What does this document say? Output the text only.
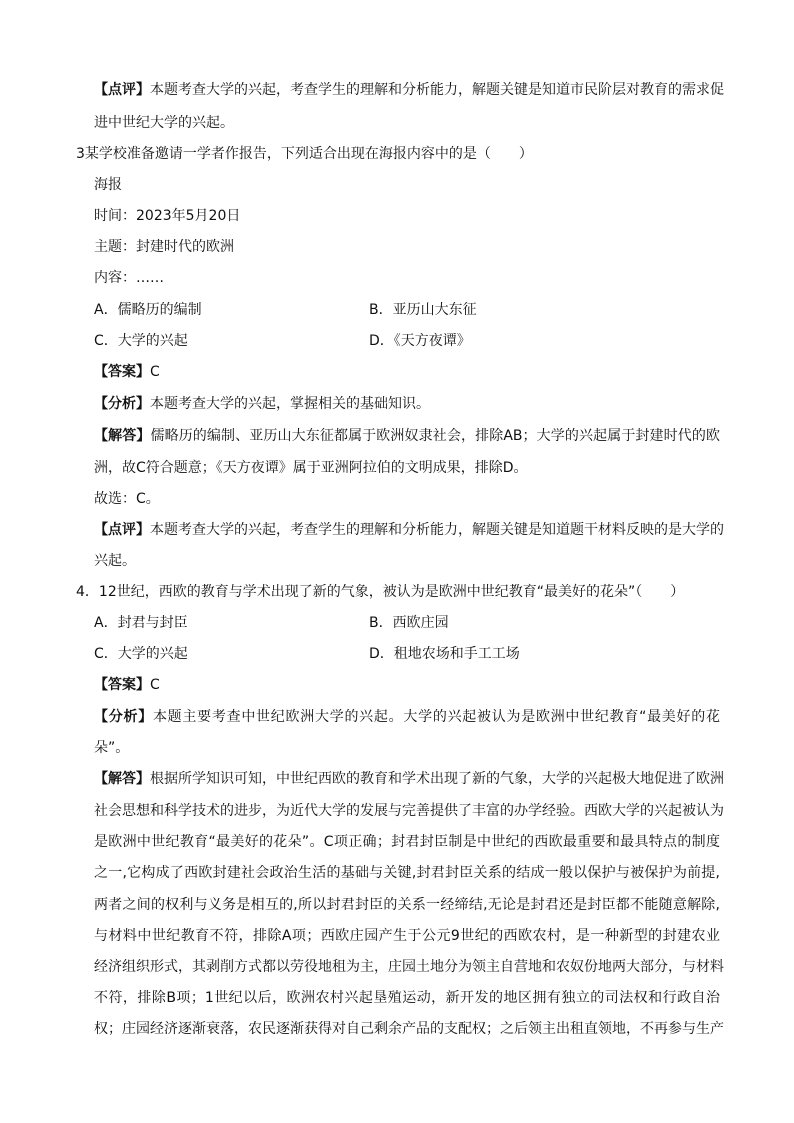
【点评】本题考查大学的兴起，考查学生的理解和分析能力，解题关键是知道市民阶层对教育的需求促
进中世纪大学的兴起。
3某学校准备邀请一学者作报告，下列适合出现在海报内容中的是（　　）
海报
时间：2023年5月20日
主题：封建时代的欧洲
内容：……
A．儒略历的编制	B．亚历山大东征
C．大学的兴起	D．《天方夜谭》
【答案】C
【分析】本题考查大学的兴起，掌握相关的基础知识。
【解答】儒略历的编制、亚历山大东征都属于欧洲奴隶社会，排除AB；大学的兴起属于封建时代的欧
洲，故C符合题意；《天方夜谭》属于亚洲阿拉伯的文明成果，排除D。
故选：C。
【点评】本题考查大学的兴起，考查学生的理解和分析能力，解题关键是知道题干材料反映的是大学的
兴起。
4．12世纪，西欧的教育与学术出现了新的气象，被认为是欧洲中世纪教育“最美好的花朵”（　　）
A．封君与封臣	B．西欧庄园
C．大学的兴起	D．租地农场和手工工场
【答案】C
【分析】本题主要考查中世纪欧洲大学的兴起。大学的兴起被认为是欧洲中世纪教育“最美好的花
朵”。
【解答】根据所学知识可知，中世纪西欧的教育和学术出现了新的气象，大学的兴起极大地促进了欧洲
社会思想和科学技术的进步，为近代大学的发展与完善提供了丰富的办学经验。西欧大学的兴起被认为
是欧洲中世纪教育“最美好的花朵”。C项正确；封君封臣制是中世纪的西欧最重要和最具特点的制度
之一,它构成了西欧封建社会政治生活的基础与关键,封君封臣关系的结成一般以保护与被保护为前提,
两者之间的权利与义务是相互的,所以封君封臣的关系一经缔结,无论是封君还是封臣都不能随意解除,
与材料中世纪教育不符，排除A项；西欧庄园产生于公元9世纪的西欧农村，是一种新型的封建农业
经济组织形式，其剥削方式都以劳役地租为主，庄园土地分为领主自营地和农奴份地两大部分，与材料
不符，排除B项；1世纪以后，欧洲农村兴起垦殖运动，新开发的地区拥有独立的司法权和行政自治
权；庄园经济逐渐衰落，农民逐渐获得对自己剩余产品的支配权；之后领主出租直领地，不再参与生产
